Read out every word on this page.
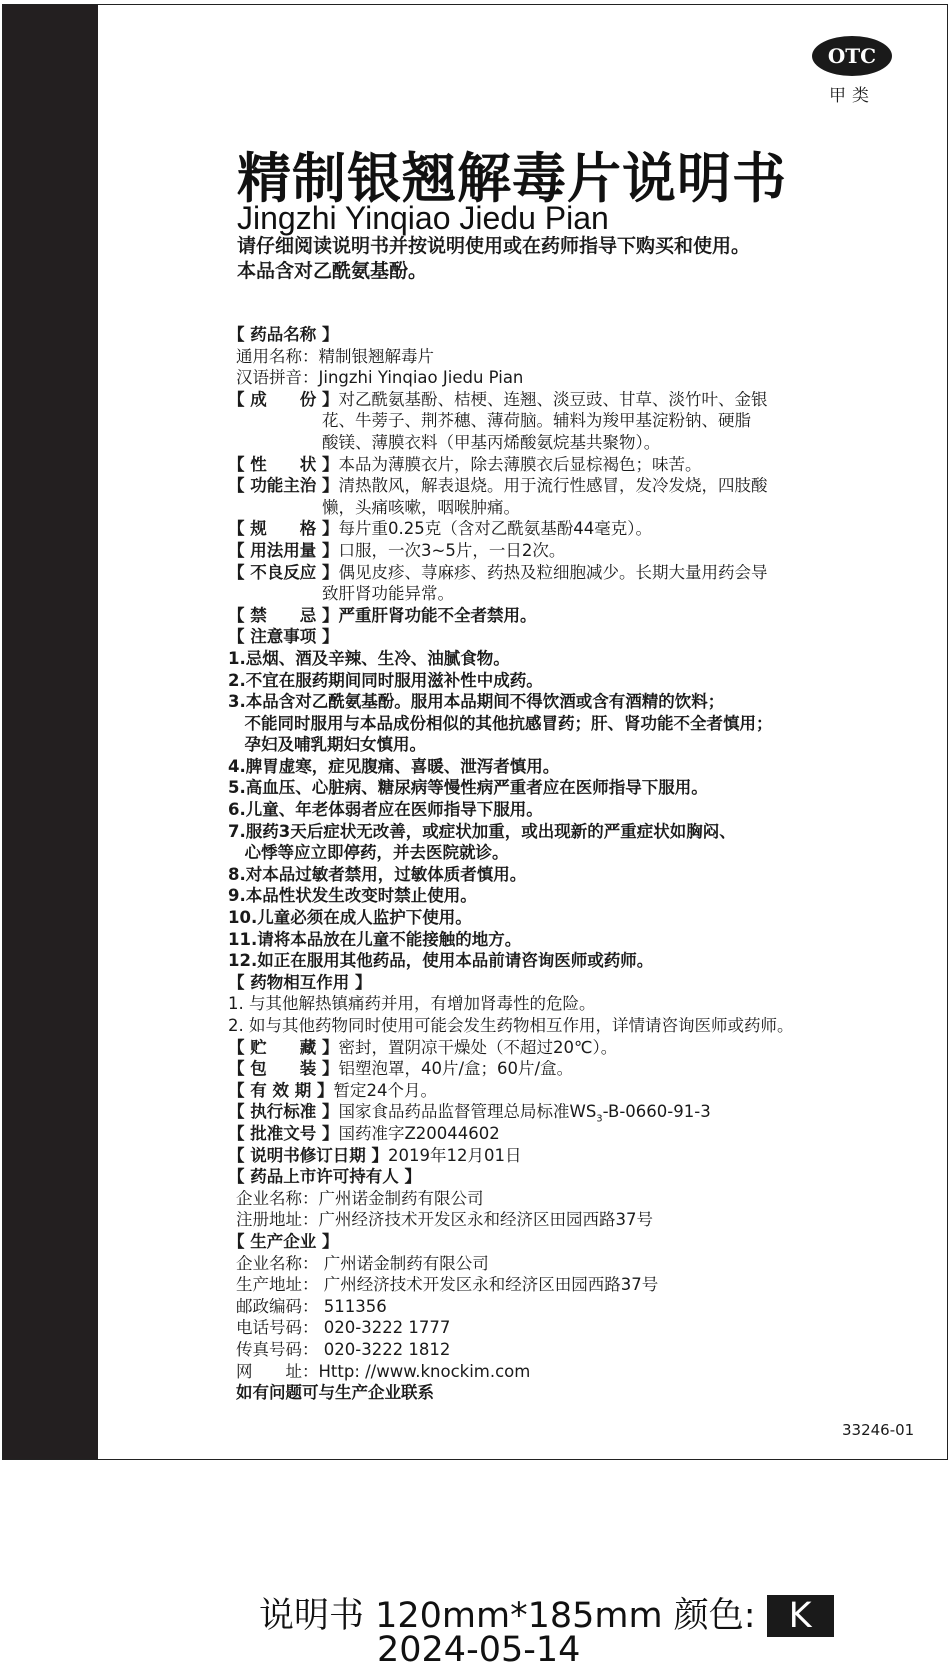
OTC
甲类
精制银翘解毒片说明书
Jingzhi Yinqiao Jiedu Pian
请仔细阅读说明书并按说明使用或在药师指导下购买和使用。
本品含对乙酰氨基酚。
【 药品名称 】
通用名称：精制银翘解毒片
汉语拼音：Jingzhi Yinqiao Jiedu Pian
【 成　　份 】对乙酰氨基酚、桔梗、连翘、淡豆豉、甘草、淡竹叶、金银
花、牛蒡子、荆芥穗、薄荷脑。辅料为羧甲基淀粉钠、硬脂
酸镁、薄膜衣料（甲基丙烯酸氨烷基共聚物）。
【 性　　状 】本品为薄膜衣片，除去薄膜衣后显棕褐色；味苦。
【 功能主治 】清热散风，解表退烧。用于流行性感冒，发冷发烧，四肢酸
懒，头痛咳嗽，咽喉肿痛。
【 规　　格 】每片重0.25克（含对乙酰氨基酚44毫克）。
【 用法用量 】口服，一次3~5片，一日2次。
【 不良反应 】偶见皮疹、荨麻疹、药热及粒细胞减少。长期大量用药会导
致肝肾功能异常。
【 禁　　忌 】严重肝肾功能不全者禁用。
【 注意事项 】
1.忌烟、酒及辛辣、生冷、油腻食物。
2.不宜在服药期间同时服用滋补性中成药。
3.本品含对乙酰氨基酚。服用本品期间不得饮酒或含有酒精的饮料；
　不能同时服用与本品成份相似的其他抗感冒药；肝、肾功能不全者慎用；
　孕妇及哺乳期妇女慎用。
4.脾胃虚寒，症见腹痛、喜暖、泄泻者慎用。
5.高血压、心脏病、糖尿病等慢性病严重者应在医师指导下服用。
6.儿童、年老体弱者应在医师指导下服用。
7.服药3天后症状无改善，或症状加重，或出现新的严重症状如胸闷、
　心悸等应立即停药，并去医院就诊。
8.对本品过敏者禁用，过敏体质者慎用。
9.本品性状发生改变时禁止使用。
10.儿童必须在成人监护下使用。
11.请将本品放在儿童不能接触的地方。
12.如正在服用其他药品，使用本品前请咨询医师或药师。
【 药物相互作用 】
1. 与其他解热镇痛药并用，有增加肾毒性的危险。
2. 如与其他药物同时使用可能会发生药物相互作用，详情请咨询医师或药师。
【 贮　　藏 】密封，置阴凉干燥处（不超过20℃）。
【 包　　装 】铝塑泡罩，40片/盒；60片/盒。
【 有 效 期 】暂定24个月。
【 执行标准 】国家食品药品监督管理总局标准$WS_3-B-0660-91-3$
【 批准文号 】国药准字Z20044602
【 说明书修订日期 】2019年12月01日
【 药品上市许可持有人 】
企业名称：广州诺金制药有限公司
注册地址：广州经济技术开发区永和经济区田园西路37号
【 生产企业 】
企业名称： 广州诺金制药有限公司
生产地址： 广州经济技术开发区永和经济区田园西路37号
邮政编码： 511356
电话号码： 020-3222 1777
传真号码： 020-3222 1812
网　　址：Http: //www.knockim.com
如有问题可与生产企业联系
33246-01
说明书 120mm*185mm 颜色: K
2024-05-14
